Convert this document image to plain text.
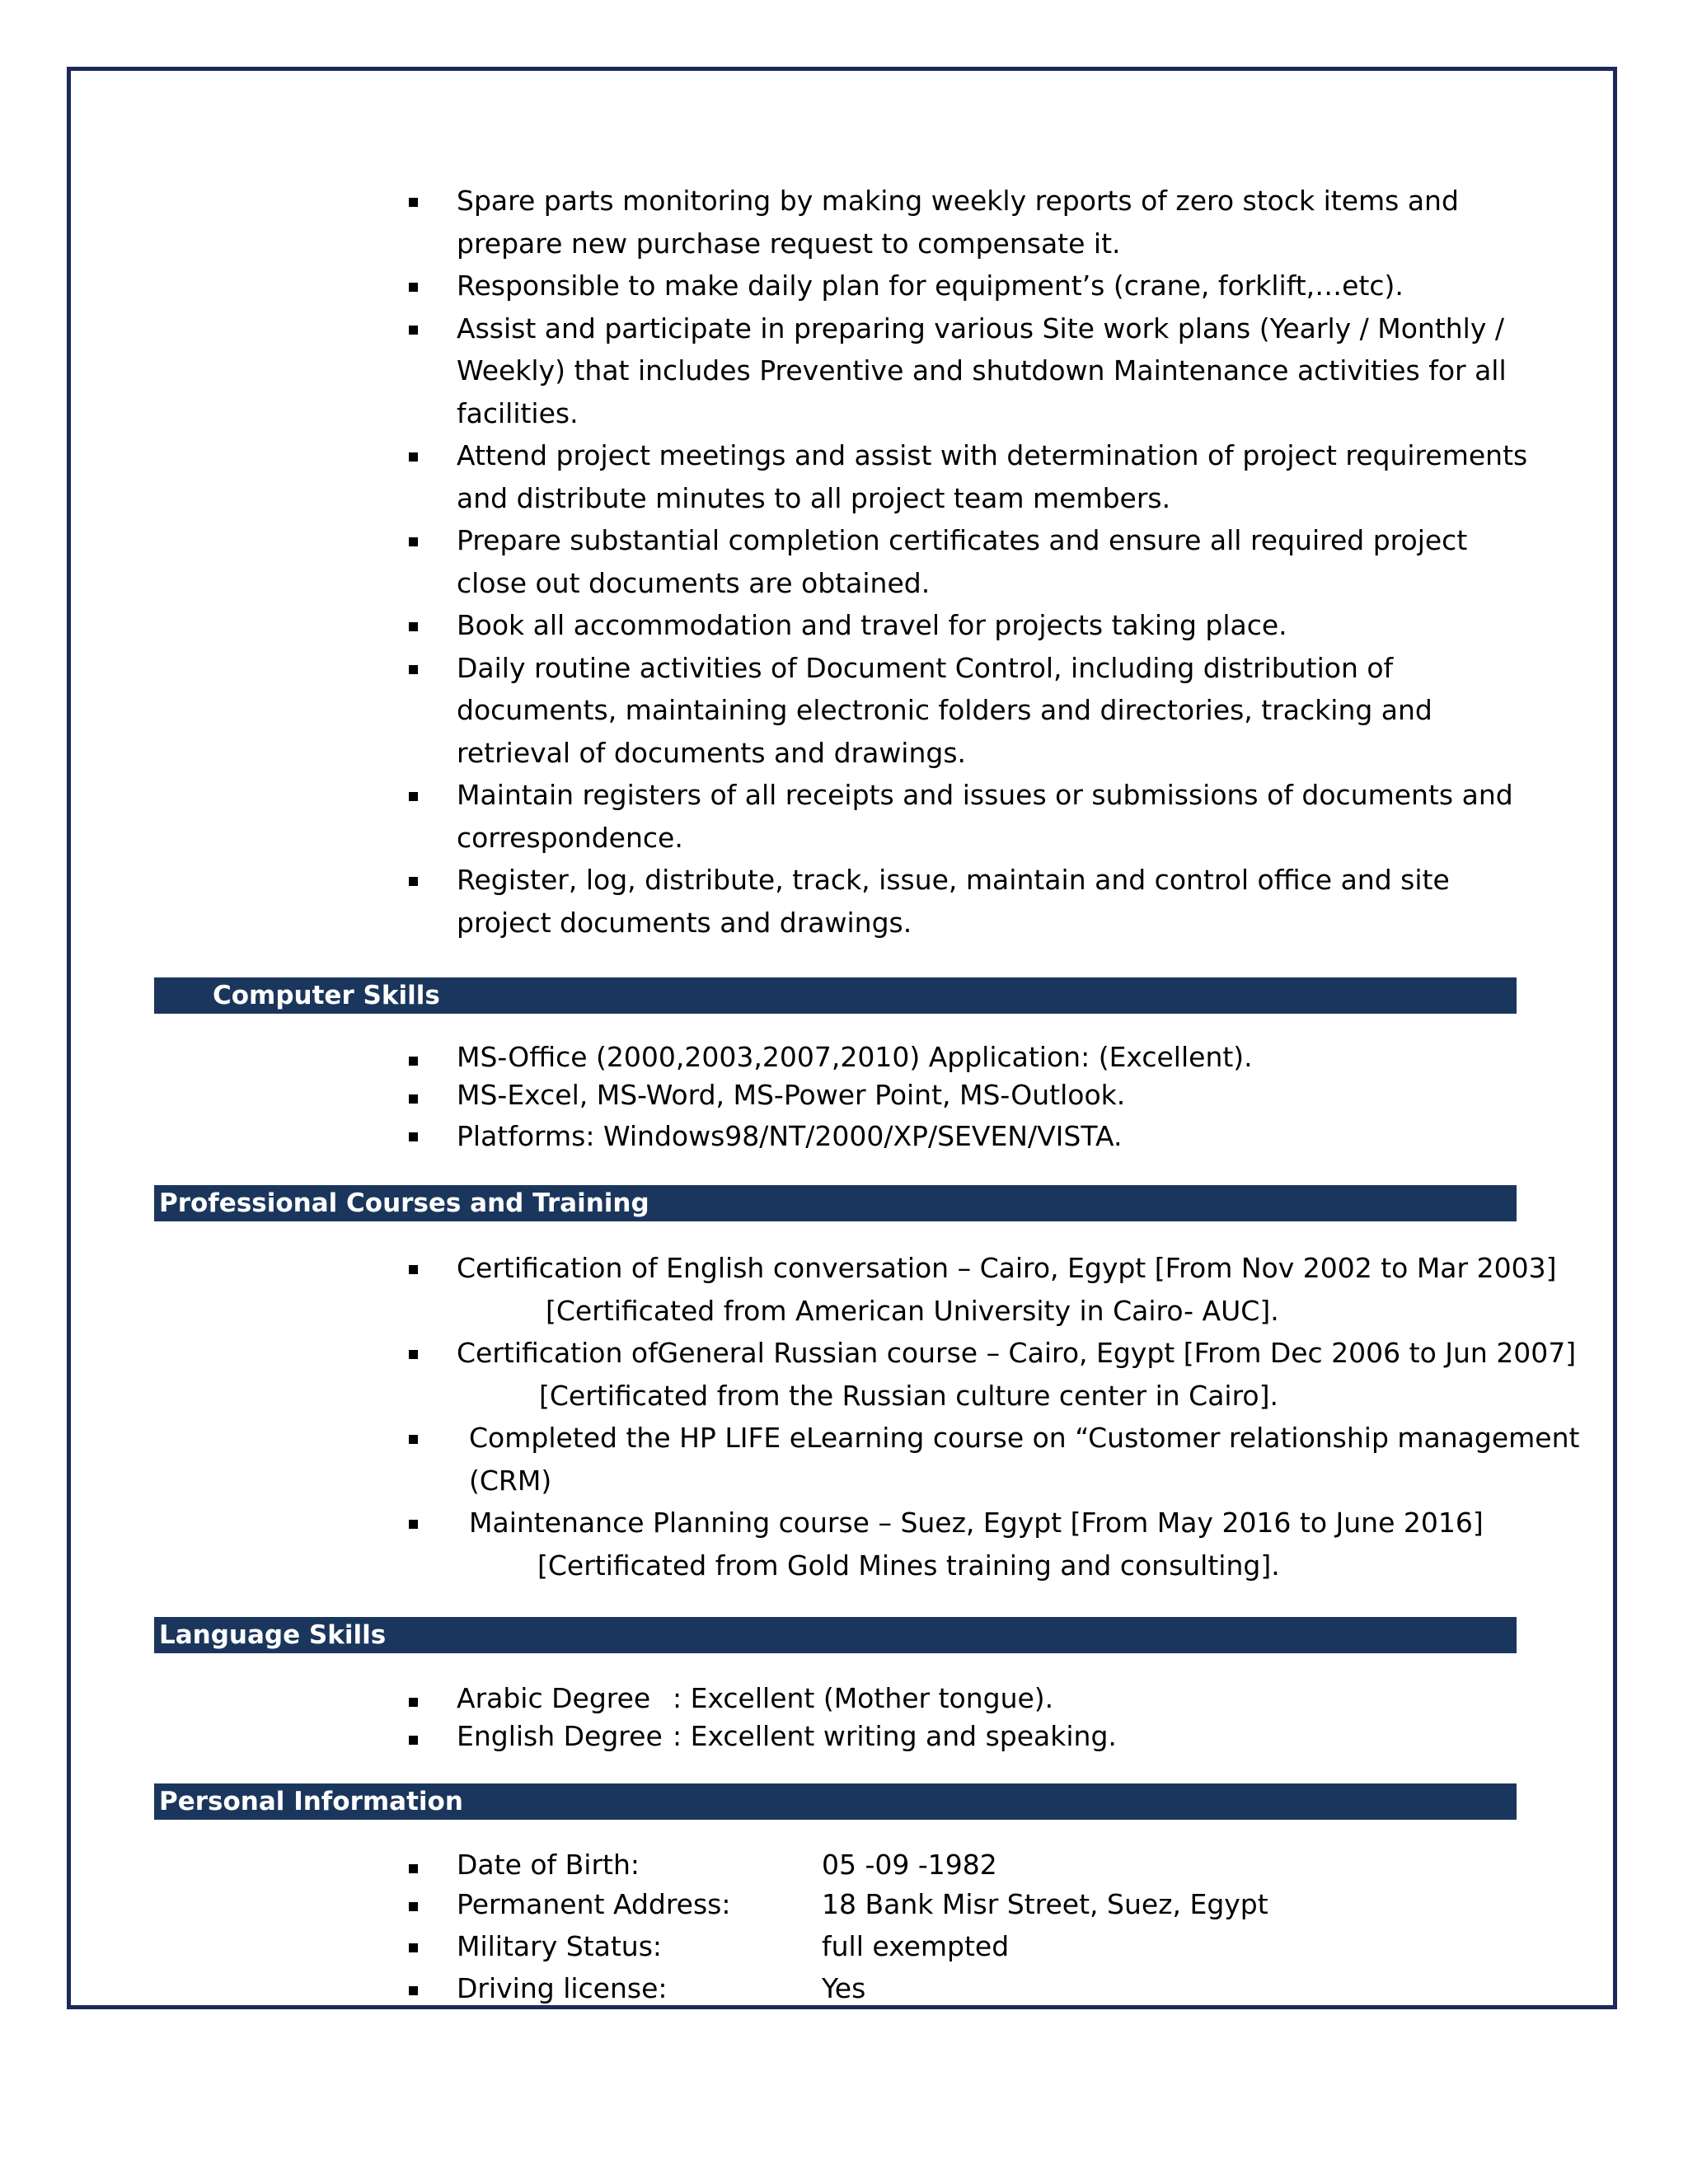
Spare parts monitoring by making weekly reports of zero stock items and prepare new purchase request to compensate it.
Responsible to make daily plan for equipment’s (crane, forklift,…etc).
Assist and participate in preparing various Site work plans (Yearly / Monthly / Weekly) that includes Preventive and shutdown Maintenance activities for all facilities.
Attend project meetings and assist with determination of project requirements and distribute minutes to all project team members.
Prepare substantial completion certificates and ensure all required project close out documents are obtained.
Book all accommodation and travel for projects taking place.
Daily routine activities of Document Control, including distribution of documents, maintaining electronic folders and directories, tracking and retrieval of documents and drawings.
Maintain registers of all receipts and issues or submissions of documents and correspondence.
Register, log, distribute, track, issue, maintain and control office and site project documents and drawings.
Computer Skills
MS-Office (2000,2003,2007,2010) Application: (Excellent).
MS-Excel, MS-Word, MS-Power Point, MS-Outlook.
Platforms: Windows98/NT/2000/XP/SEVEN/VISTA.
Professional Courses and Training
Certification of English conversation – Cairo, Egypt [From Nov 2002 to Mar 2003]
[Certificated from American University in Cairo- AUC].
Certification ofGeneral Russian course – Cairo, Egypt [From Dec 2006 to Jun 2007]
[Certificated from the Russian culture center in Cairo].
Completed the HP LIFE eLearning course on “Customer relationship management
(CRM)
Maintenance Planning course – Suez, Egypt [From May 2016 to June 2016]
[Certificated from Gold Mines training and consulting].
Language Skills
Arabic Degree : Excellent (Mother tongue).
English Degree : Excellent writing and speaking.
Personal Information
Date of Birth:	05 -09 -1982
Permanent Address:	18 Bank Misr Street, Suez, Egypt
Military Status:	full exempted
Driving license:	Yes
